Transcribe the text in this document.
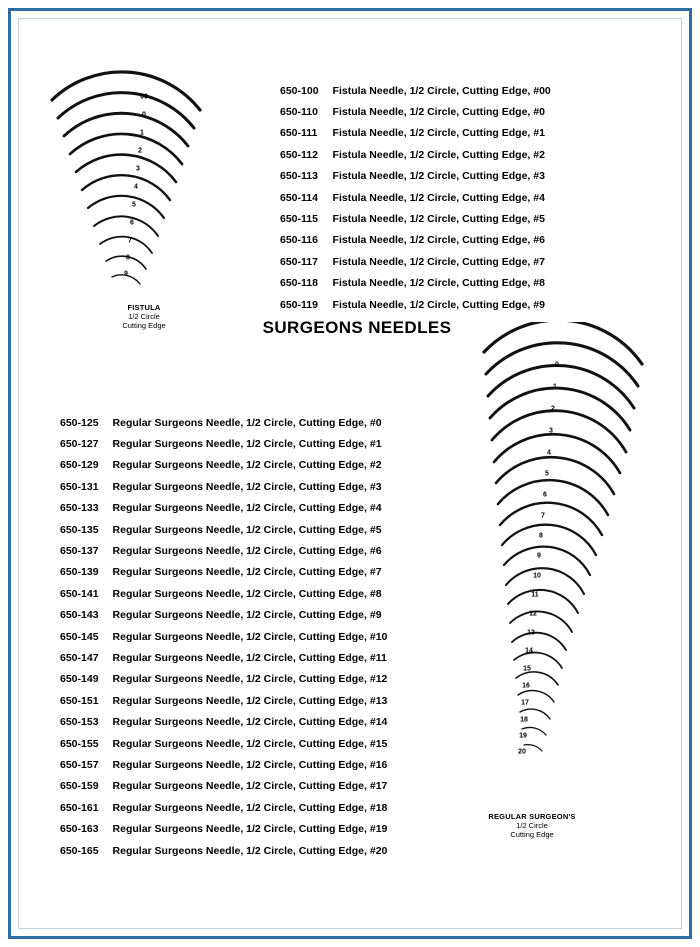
SURGEONS NEEDLES
00
0
1
2
3
4
5
6
7
8
9
FISTULA
1/2 Circle
Cutting Edge
650-100	Fistula Needle, 1/2 Circle, Cutting Edge, #00
650-110	Fistula Needle, 1/2 Circle, Cutting Edge, #0
650-111	Fistula Needle, 1/2 Circle, Cutting Edge, #1
650-112	Fistula Needle, 1/2 Circle, Cutting Edge, #2
650-113	Fistula Needle, 1/2 Circle, Cutting Edge, #3
650-114	Fistula Needle, 1/2 Circle, Cutting Edge, #4
650-115	Fistula Needle, 1/2 Circle, Cutting Edge, #5
650-116	Fistula Needle, 1/2 Circle, Cutting Edge, #6
650-117	Fistula Needle, 1/2 Circle, Cutting Edge, #7
650-118	Fistula Needle, 1/2 Circle, Cutting Edge, #8
650-119	Fistula Needle, 1/2 Circle, Cutting Edge, #9
0
1
2
3
4
5
6
7
8
9
10
11
12
13
14
15
16
17
18
19
20
REGULAR SURGEON'S
1/2 Circle
Cutting Edge
650-125	Regular Surgeons Needle, 1/2 Circle, Cutting Edge, #0
650-127	Regular Surgeons Needle, 1/2 Circle, Cutting Edge, #1
650-129	Regular Surgeons Needle, 1/2 Circle, Cutting Edge, #2
650-131	Regular Surgeons Needle, 1/2 Circle, Cutting Edge, #3
650-133	Regular Surgeons Needle, 1/2 Circle, Cutting Edge, #4
650-135	Regular Surgeons Needle, 1/2 Circle, Cutting Edge, #5
650-137	Regular Surgeons Needle, 1/2 Circle, Cutting Edge, #6
650-139	Regular Surgeons Needle, 1/2 Circle, Cutting Edge, #7
650-141	Regular Surgeons Needle, 1/2 Circle, Cutting Edge, #8
650-143	Regular Surgeons Needle, 1/2 Circle, Cutting Edge, #9
650-145	Regular Surgeons Needle, 1/2 Circle, Cutting Edge, #10
650-147	Regular Surgeons Needle, 1/2 Circle, Cutting Edge, #11
650-149	Regular Surgeons Needle, 1/2 Circle, Cutting Edge, #12
650-151	Regular Surgeons Needle, 1/2 Circle, Cutting Edge, #13
650-153	Regular Surgeons Needle, 1/2 Circle, Cutting Edge, #14
650-155	Regular Surgeons Needle, 1/2 Circle, Cutting Edge, #15
650-157	Regular Surgeons Needle, 1/2 Circle, Cutting Edge, #16
650-159	Regular Surgeons Needle, 1/2 Circle, Cutting Edge, #17
650-161	Regular Surgeons Needle, 1/2 Circle, Cutting Edge, #18
650-163	Regular Surgeons Needle, 1/2 Circle, Cutting Edge, #19
650-165	Regular Surgeons Needle, 1/2 Circle, Cutting Edge, #20
